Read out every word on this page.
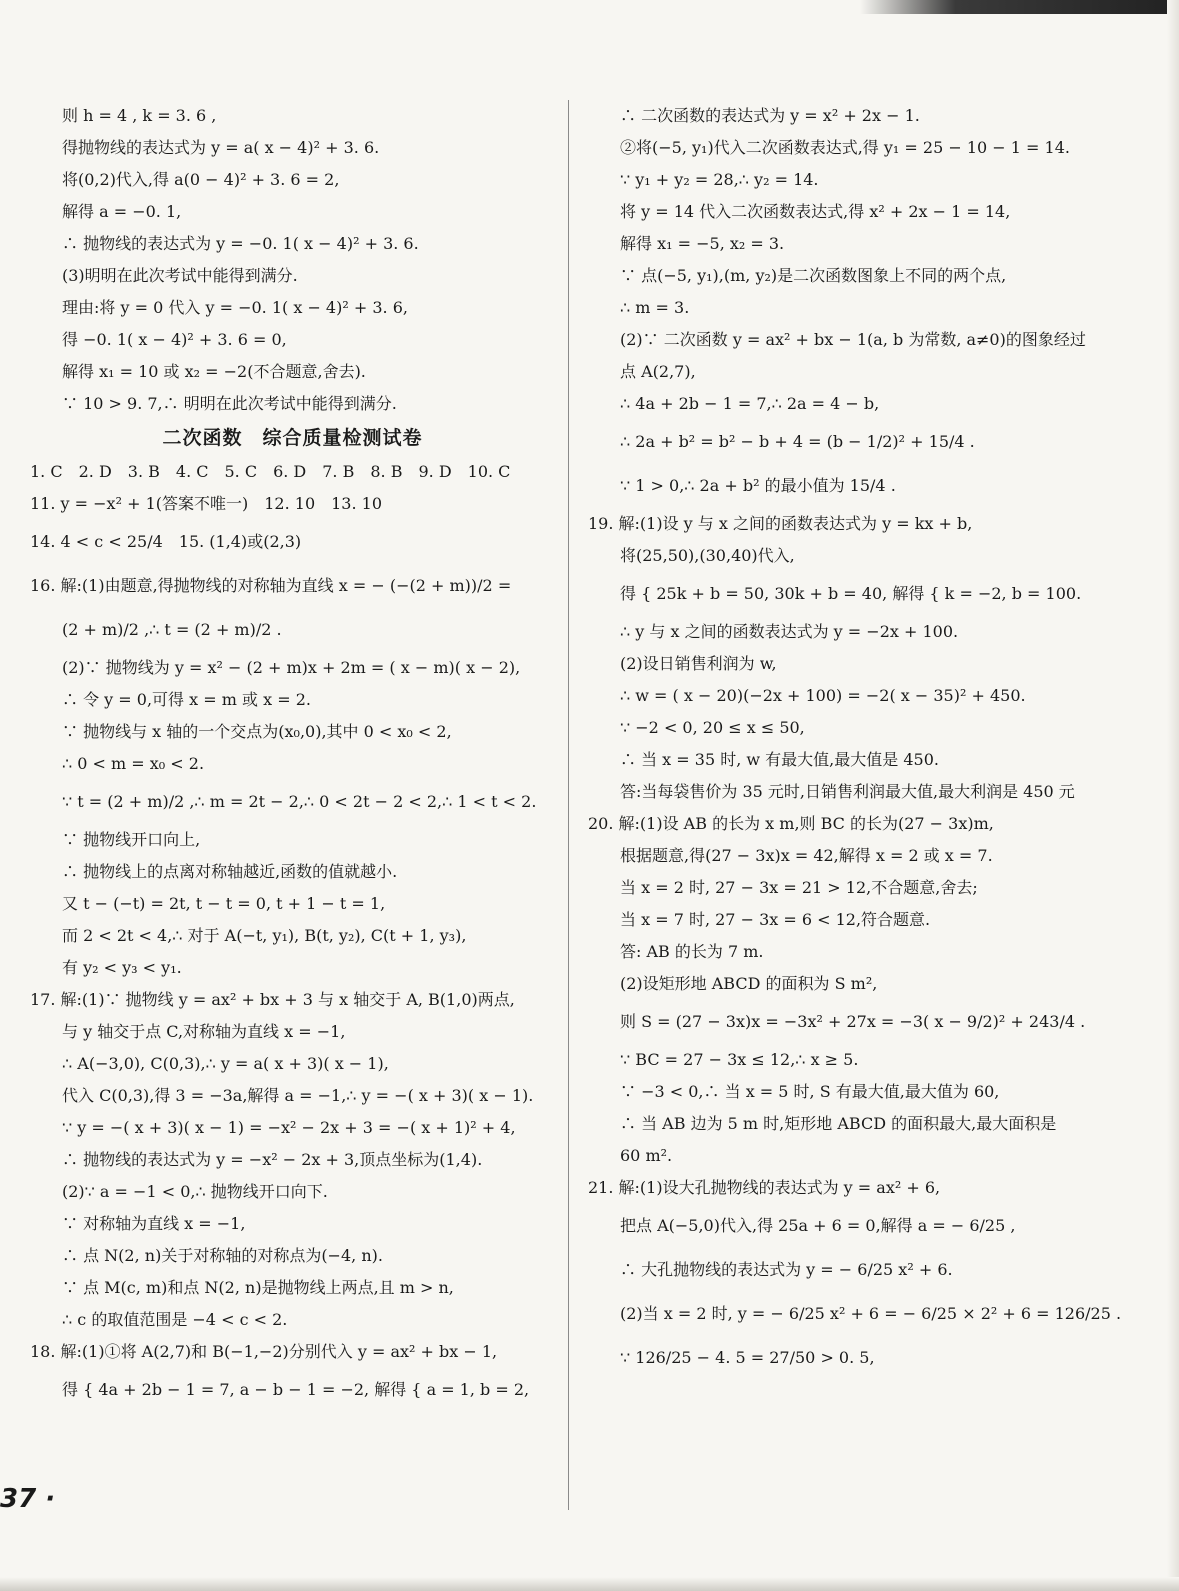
则 h = 4 , k = 3. 6 ,
得抛物线的表达式为 y = a( x − 4)² + 3. 6.
将(0,2)代入,得 a(0 − 4)² + 3. 6 = 2,
解得 a = −0. 1,
∴ 抛物线的表达式为 y = −0. 1( x − 4)² + 3. 6.
(3)明明在此次考试中能得到满分.
理由:将 y = 0 代入 y = −0. 1( x − 4)² + 3. 6,
得 −0. 1( x − 4)² + 3. 6 = 0,
解得 x₁ = 10 或 x₂ = −2(不合题意,舍去).
∵ 10 > 9. 7,∴ 明明在此次考试中能得到满分.
二次函数　综合质量检测试卷
1. C　2. D　3. B　4. C　5. C　6. D　7. B　8. B　9. D　10. C
11. y = −x² + 1(答案不唯一)　12. 10　13. 10
14. 4 < c < 25/4　15. (1,4)或(2,3)
16. 解:(1)由题意,得抛物线的对称轴为直线 x = − (−(2 + m))/2 =
(2 + m)/2 ,∴ t = (2 + m)/2 .
(2)∵ 抛物线为 y = x² − (2 + m)x + 2m = ( x − m)( x − 2),
∴ 令 y = 0,可得 x = m 或 x = 2.
∵ 抛物线与 x 轴的一个交点为(x₀,0),其中 0 < x₀ < 2,
∴ 0 < m = x₀ < 2.
∵ t = (2 + m)/2 ,∴ m = 2t − 2,∴ 0 < 2t − 2 < 2,∴ 1 < t < 2.
∵ 抛物线开口向上,
∴ 抛物线上的点离对称轴越近,函数的值就越小.
又 t − (−t) = 2t, t − t = 0, t + 1 − t = 1,
而 2 < 2t < 4,∴ 对于 A(−t, y₁), B(t, y₂), C(t + 1, y₃),
有 y₂ < y₃ < y₁.
17. 解:(1)∵ 抛物线 y = ax² + bx + 3 与 x 轴交于 A, B(1,0)两点,
与 y 轴交于点 C,对称轴为直线 x = −1,
∴ A(−3,0), C(0,3),∴ y = a( x + 3)( x − 1),
代入 C(0,3),得 3 = −3a,解得 a = −1,∴ y = −( x + 3)( x − 1).
∵ y = −( x + 3)( x − 1) = −x² − 2x + 3 = −( x + 1)² + 4,
∴ 抛物线的表达式为 y = −x² − 2x + 3,顶点坐标为(1,4).
(2)∵ a = −1 < 0,∴ 抛物线开口向下.
∵ 对称轴为直线 x = −1,
∴ 点 N(2, n)关于对称轴的对称点为(−4, n).
∵ 点 M(c, m)和点 N(2, n)是抛物线上两点,且 m > n,
∴ c 的取值范围是 −4 < c < 2.
18. 解:(1)①将 A(2,7)和 B(−1,−2)分别代入 y = ax² + bx − 1,
得 { 4a + 2b − 1 = 7, a − b − 1 = −2, 解得 { a = 1, b = 2,
∴ 二次函数的表达式为 y = x² + 2x − 1.
②将(−5, y₁)代入二次函数表达式,得 y₁ = 25 − 10 − 1 = 14.
∵ y₁ + y₂ = 28,∴ y₂ = 14.
将 y = 14 代入二次函数表达式,得 x² + 2x − 1 = 14,
解得 x₁ = −5, x₂ = 3.
∵ 点(−5, y₁),(m, y₂)是二次函数图象上不同的两个点,
∴ m = 3.
(2)∵ 二次函数 y = ax² + bx − 1(a, b 为常数, a≠0)的图象经过
点 A(2,7),
∴ 4a + 2b − 1 = 7,∴ 2a = 4 − b,
∴ 2a + b² = b² − b + 4 = (b − 1/2)² + 15/4 .
∵ 1 > 0,∴ 2a + b² 的最小值为 15/4 .
19. 解:(1)设 y 与 x 之间的函数表达式为 y = kx + b,
将(25,50),(30,40)代入,
得 { 25k + b = 50, 30k + b = 40, 解得 { k = −2, b = 100.
∴ y 与 x 之间的函数表达式为 y = −2x + 100.
(2)设日销售利润为 w,
∴ w = ( x − 20)(−2x + 100) = −2( x − 35)² + 450.
∵ −2 < 0, 20 ≤ x ≤ 50,
∴ 当 x = 35 时, w 有最大值,最大值是 450.
答:当每袋售价为 35 元时,日销售利润最大值,最大利润是 450 元
20. 解:(1)设 AB 的长为 x m,则 BC 的长为(27 − 3x)m,
根据题意,得(27 − 3x)x = 42,解得 x = 2 或 x = 7.
当 x = 2 时, 27 − 3x = 21 > 12,不合题意,舍去;
当 x = 7 时, 27 − 3x = 6 < 12,符合题意.
答: AB 的长为 7 m.
(2)设矩形地 ABCD 的面积为 S m²,
则 S = (27 − 3x)x = −3x² + 27x = −3( x − 9/2)² + 243/4 .
∵ BC = 27 − 3x ≤ 12,∴ x ≥ 5.
∵ −3 < 0,∴ 当 x = 5 时, S 有最大值,最大值为 60,
∴ 当 AB 边为 5 m 时,矩形地 ABCD 的面积最大,最大面积是
60 m².
21. 解:(1)设大孔抛物线的表达式为 y = ax² + 6,
把点 A(−5,0)代入,得 25a + 6 = 0,解得 a = − 6/25 ,
∴ 大孔抛物线的表达式为 y = − 6/25 x² + 6.
(2)当 x = 2 时, y = − 6/25 x² + 6 = − 6/25 × 2² + 6 = 126/25 .
∵ 126/25 − 4. 5 = 27/50 > 0. 5,
37 ·
